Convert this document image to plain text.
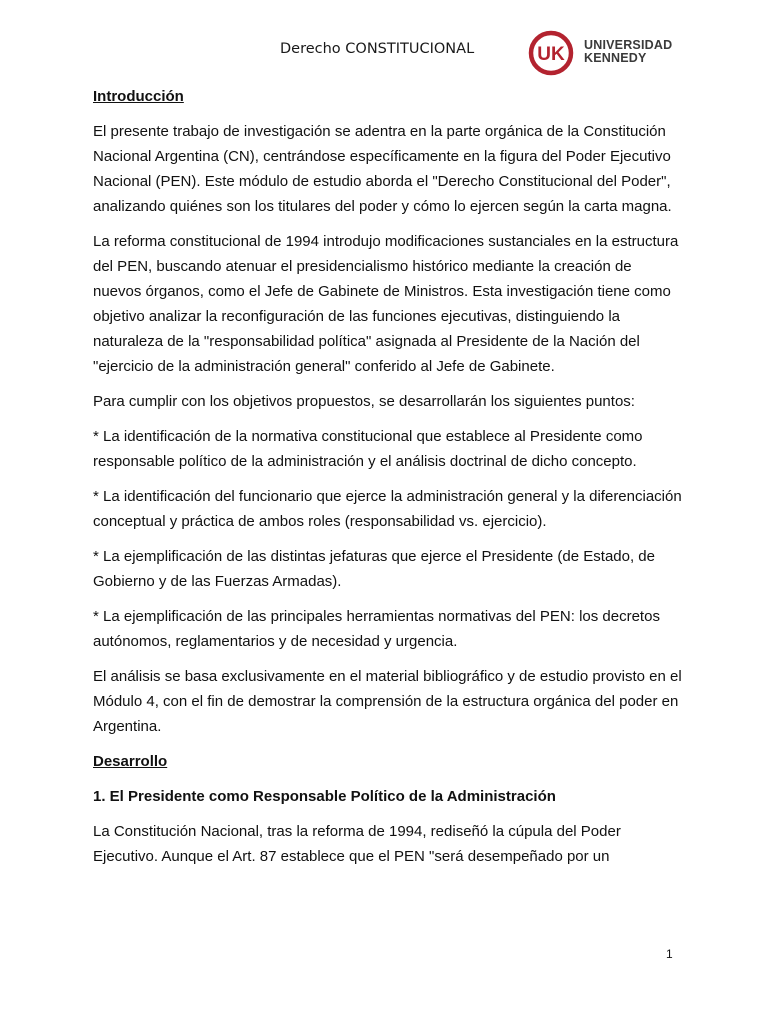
Derecho CONSTITUCIONAL	UK UNIVERSIDAD
KENNEDY

Introducción

El presente trabajo de investigación se adentra en la parte orgánica de la Constitución Nacional Argentina (CN), centrándose específicamente en la figura del Poder Ejecutivo Nacional (PEN). Este módulo de estudio aborda el "Derecho Constitucional del Poder", analizando quiénes son los titulares del poder y cómo lo ejercen según la carta magna.

La reforma constitucional de 1994 introdujo modificaciones sustanciales en la estructura del PEN, buscando atenuar el presidencialismo histórico mediante la creación de nuevos órganos, como el Jefe de Gabinete de Ministros. Esta investigación tiene como objetivo analizar la reconfiguración de las funciones ejecutivas, distinguiendo la naturaleza de la "responsabilidad política" asignada al Presidente de la Nación del "ejercicio de la administración general" conferido al Jefe de Gabinete.

Para cumplir con los objetivos propuestos, se desarrollarán los siguientes puntos:

* La identificación de la normativa constitucional que establece al Presidente como responsable político de la administración y el análisis doctrinal de dicho concepto.

* La identificación del funcionario que ejerce la administración general y la diferenciación conceptual y práctica de ambos roles (responsabilidad vs. ejercicio).

* La ejemplificación de las distintas jefaturas que ejerce el Presidente (de Estado, de Gobierno y de las Fuerzas Armadas).

* La ejemplificación de las principales herramientas normativas del PEN: los decretos autónomos, reglamentarios y de necesidad y urgencia.

El análisis se basa exclusivamente en el material bibliográfico y de estudio provisto en el Módulo 4, con el fin de demostrar la comprensión de la estructura orgánica del poder en Argentina.

Desarrollo

1. El Presidente como Responsable Político de la Administración

La Constitución Nacional, tras la reforma de 1994, rediseñó la cúpula del Poder Ejecutivo. Aunque el Art. 87 establece que el PEN "será desempeñado por un

1
